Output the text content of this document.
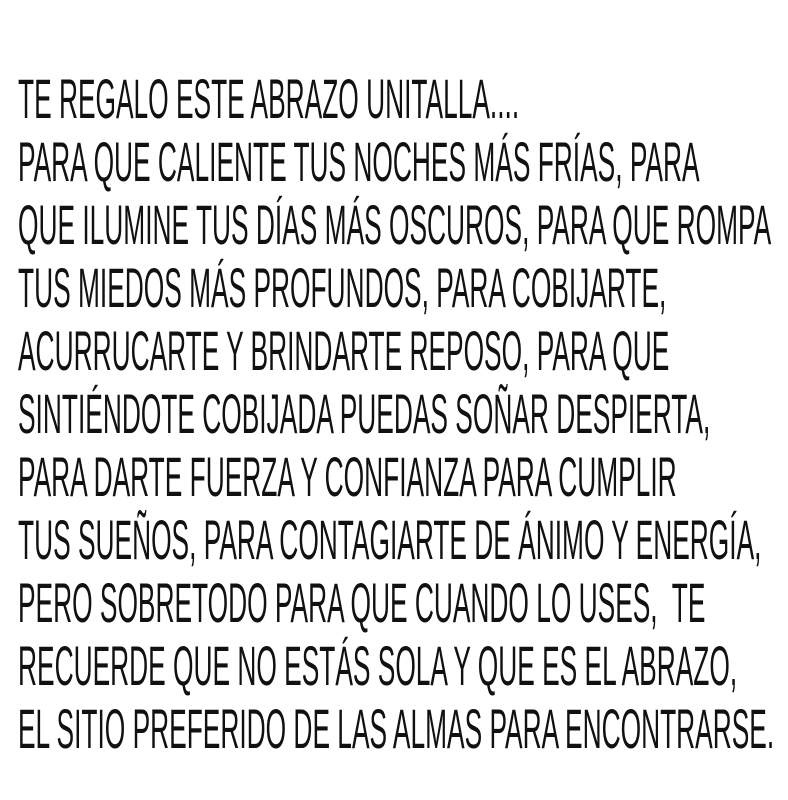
TE REGALO ESTE ABRAZO UNITALLA....
PARA QUE CALIENTE TUS NOCHES MÁS FRÍAS, PARA
QUE ILUMINE TUS DÍAS MÁS OSCUROS, PARA QUE ROMPA
TUS MIEDOS MÁS PROFUNDOS, PARA COBIJARTE,
ACURRUCARTE Y BRINDARTE REPOSO, PARA QUE
SINTIÉNDOTE COBIJADA PUEDAS SOÑAR DESPIERTA,
PARA DARTE FUERZA Y CONFIANZA PARA CUMPLIR
TUS SUEÑOS, PARA CONTAGIARTE DE ÁNIMO Y ENERGÍA,
PERO SOBRETODO PARA QUE CUANDO LO USES,  TE
RECUERDE QUE NO ESTÁS SOLA Y QUE ES EL ABRAZO,
EL SITIO PREFERIDO DE LAS ALMAS PARA ENCONTRARSE.
